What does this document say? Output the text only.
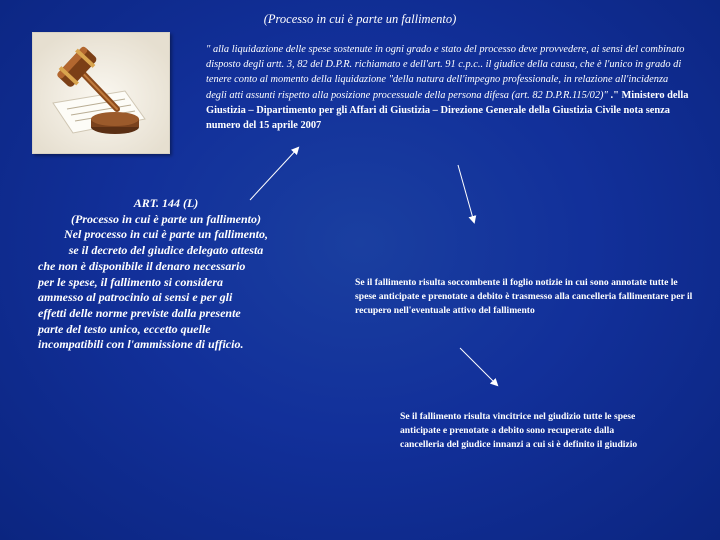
(Processo in cui è parte un fallimento)
" alla liquidazione delle spese sostenute in ogni grado e stato del processo deve provvedere, ai sensi del combinato disposto degli artt. 3, 82 del D.P.R. richiamato e dell'art. 91 c.p.c.. il giudice della causa, che è l'unico in grado di tenere conto al momento della liquidazione "della natura dell'impegno professionale, in relazione all'incidenza degli atti assunti rispetto alla posizione processuale della persona difesa (art. 82 D.P.R.115/02)" ." Ministero della Giustizia – Dipartimento per gli Affari di Giustizia – Direzione Generale della Giustizia Civile nota senza numero del 15 aprile 2007
ART. 144 (L)
(Processo in cui è parte un fallimento)
Nel processo in cui è parte un fallimento,
se il decreto del giudice delegato attesta
che non è disponibile il denaro necessario
per le spese, il fallimento si considera
ammesso al patrocinio ai sensi e per gli
effetti delle norme previste dalla presente
parte del testo unico, eccetto quelle
incompatibili con l'ammissione di ufficio.
Se il fallimento risulta soccombente il foglio notizie in cui sono annotate tutte le spese anticipate e prenotate a debito è trasmesso alla cancelleria fallimentare per il recupero nell'eventuale attivo del fallimento
Se il fallimento risulta vincitrice nel giudizio tutte le spese anticipate e prenotate a debito sono recuperate dalla cancelleria del giudice innanzi a cui si è definito il giudizio
